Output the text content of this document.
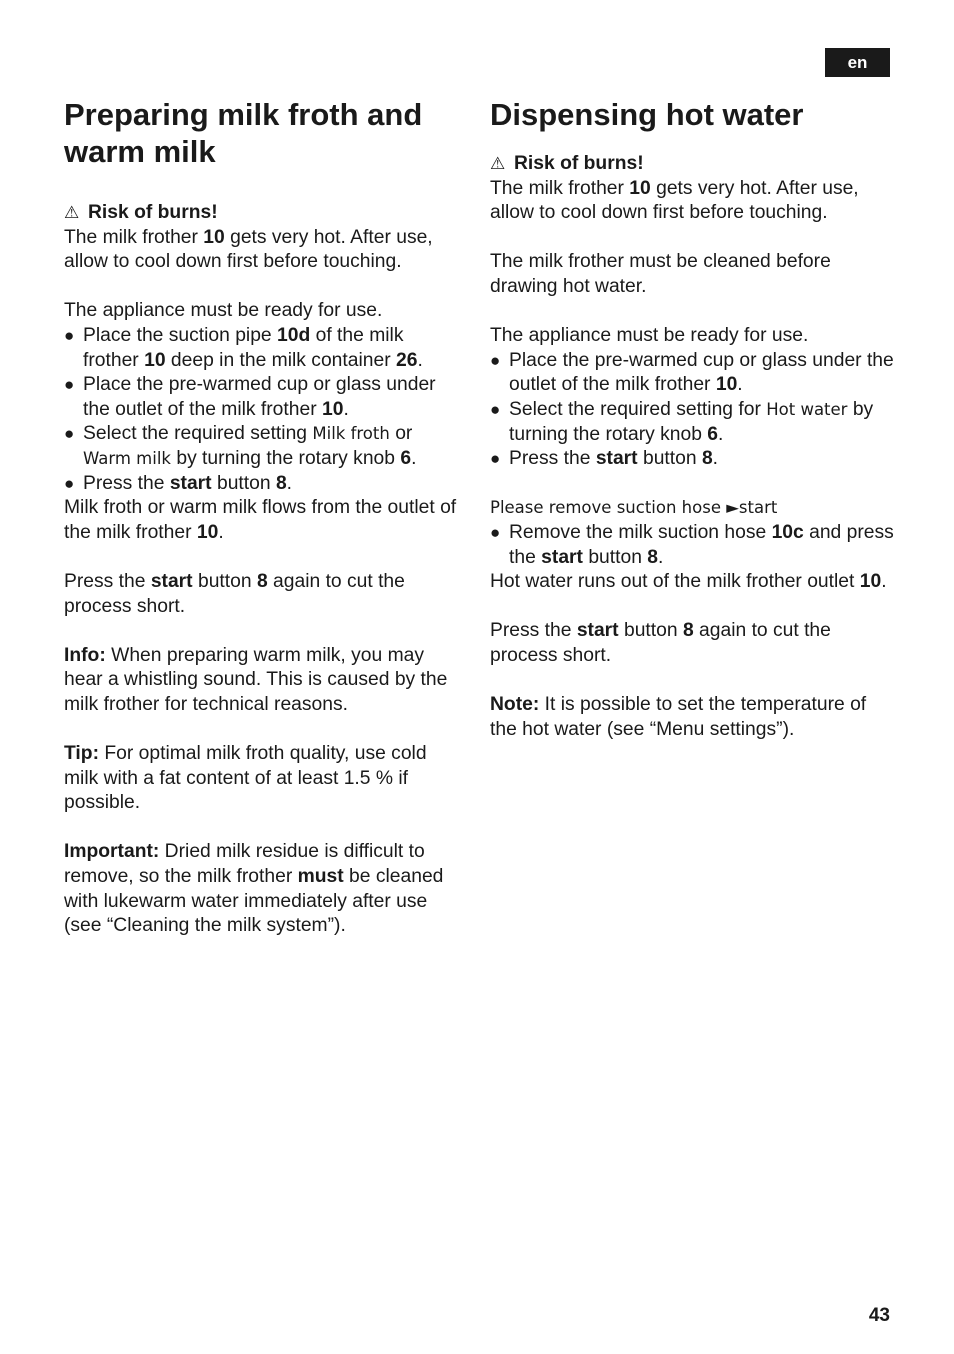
en
Preparing milk froth and warm milk

⚠ Risk of burns!

The milk frother 10 gets very hot. After use, allow to cool down first before touching.

The appliance must be ready for use.

● Place the suction pipe 10d of the milk frother 10 deep in the milk container 26.
● Place the pre-warmed cup or glass under the outlet of the milk frother 10.
● Select the required setting Milk froth or Warm milk by turning the rotary knob 6.
● Press the start button 8.

Milk froth or warm milk flows from the outlet of the milk frother 10.

Press the start button 8 again to cut the process short.

Info: When preparing warm milk, you may hear a whistling sound. This is caused by the milk frother for technical reasons.

Tip: For optimal milk froth quality, use cold milk with a fat content of at least 1.5 % if possible.

Important: Dried milk residue is difficult to remove, so the milk frother must be cleaned with lukewarm water immediately after use (see “Cleaning the milk system”).

Dispensing hot water

⚠ Risk of burns!

The milk frother 10 gets very hot. After use, allow to cool down first before touching.

The milk frother must be cleaned before drawing hot water.

The appliance must be ready for use.

● Place the pre-warmed cup or glass under the outlet of the milk frother 10.
● Select the required setting for Hot water by turning the rotary knob 6.
● Press the start button 8.

Please remove suction hose ►start

● Remove the milk suction hose 10c and press the start button 8.

Hot water runs out of the milk frother outlet 10.

Press the start button 8 again to cut the process short.

Note: It is possible to set the temperature of the hot water (see “Menu settings”).

43
